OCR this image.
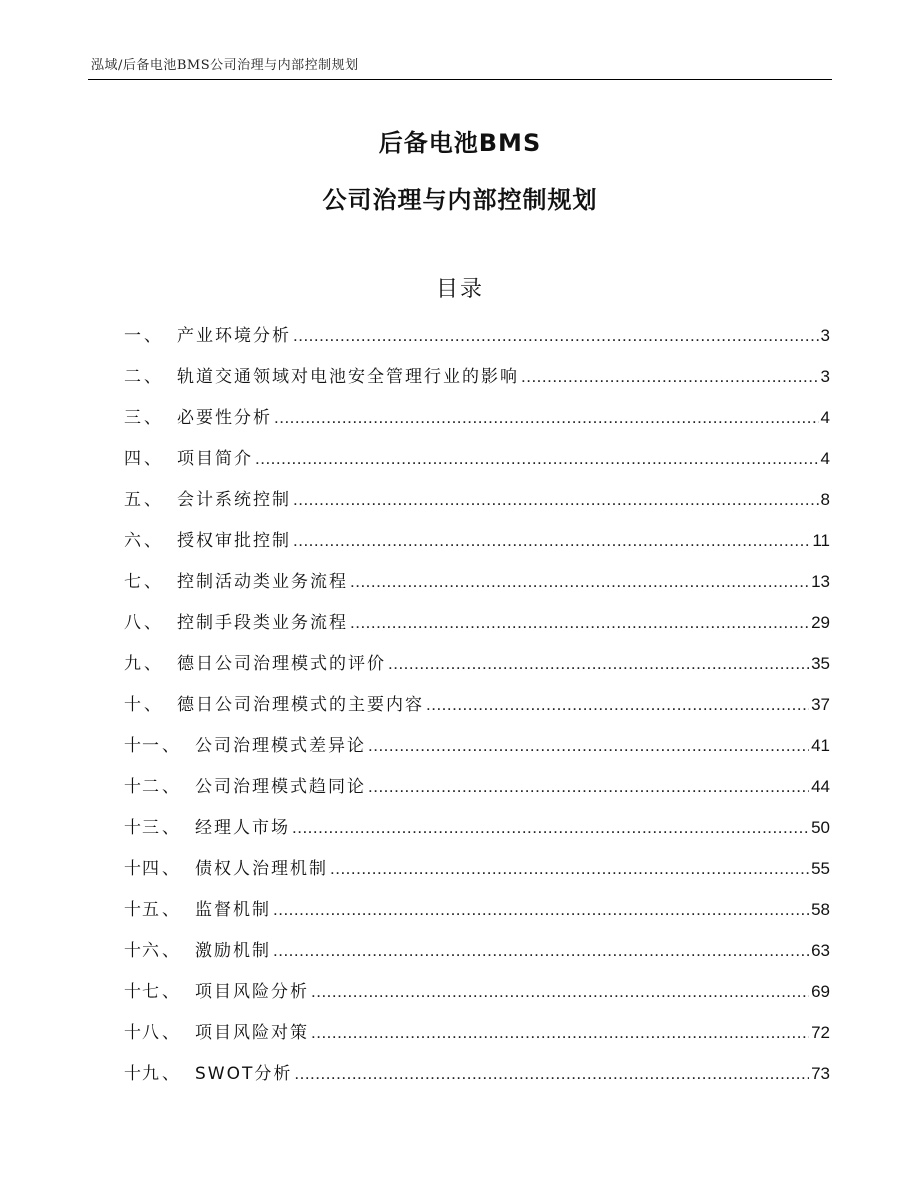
泓域/后备电池BMS公司治理与内部控制规划
后备电池BMS
公司治理与内部控制规划
目录
一 、 产业环境分析 .....	3
二 、 轨道交通领域对电池安全管理行业的影响 .....	3
三 、 必要性分析 .....	4
四 、 项目简介 .....	4
五 、 会计系统控制 .....	8
六 、 授权审批控制 .....	11
七 、 控制活动类业务流程 .....	13
八 、 控制手段类业务流程 .....	29
九 、 德日公司治理模式的评价 .....	35
十 、 德日公司治理模式的主要内容 .....	37
十一 、 公司治理模式差异论 .....	41
十二 、 公司治理模式趋同论 .....	44
十三 、 经理人市场 .....	50
十四 、 债权人治理机制 .....	55
十五 、 监督机制 .....	58
十六 、 激励机制 .....	63
十七 、 项目风险分析 .....	69
十八 、 项目风险对策 .....	72
十九 、 SWOT分析 .....	73
